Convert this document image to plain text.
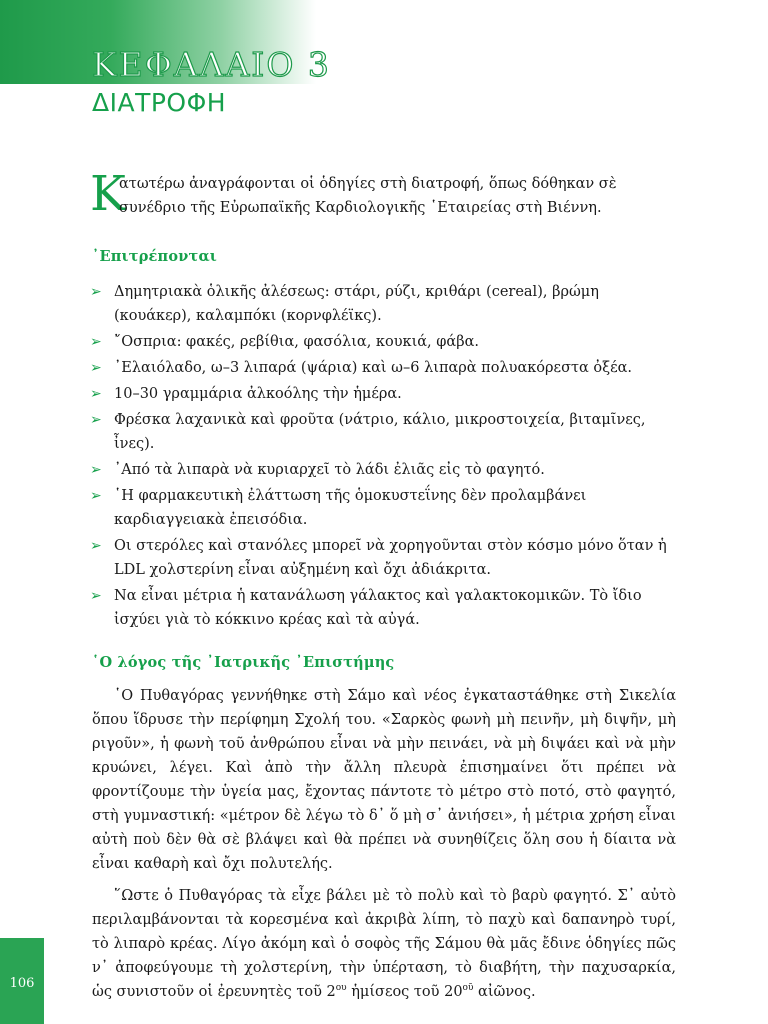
ΚΕΦΑΛΑΙΟ 3
ΔΙΑΤΡΟΦΗ
Κ
ατωτέρω ἀναγράφονται οἱ ὁδηγίες στὴ διατροφή, ὅπως δόθηκαν σὲ συνέδριο τῆς Εὐρωπαϊκῆς Καρδιολογικῆς ῾Εταιρείας στὴ Βιέννη.
᾿Επιτρέπονται
➢ Δημητριακὰ ὁλικῆς ἀλέσεως: στάρι, ρύζι, κριθάρι (cereal), βρώμη (κουάκερ), καλαμπόκι (κορνφλέϊκς).
➢ ῎Οσπρια: φακές, ρεβίθια, φασόλια, κουκιά, φάβα.
➢ ᾿Ελαιόλαδο, ω–3 λιπαρά (ψάρια) καὶ ω–6 λιπαρὰ πολυακόρεστα ὀξέα.
➢ 10–30 γραμμάρια ἀλκοόλης τὴν ἡμέρα.
➢ Φρέσκα λαχανικὰ καὶ φροῦτα (νάτριο, κάλιο, μικροστοιχεία, βιταμῖνες, ἶνες).
➢ ᾿Από τὰ λιπαρὰ νὰ κυριαρχεῖ τὸ λάδι ἐλιᾶς εἰς τὸ φαγητό.
➢ ῾Η φαρμακευτικὴ ἐλάττωση τῆς ὁμοκυστεΐνης δὲν προλαμβάνει καρδιαγγειακὰ ἐπεισόδια.
➢ Οι στερόλες καὶ στανόλες μπορεῖ νὰ χορηγοῦνται στὸν κόσμο μόνο ὅταν ἡ LDL χολστερίνη εἶναι αὐξημένη καὶ ὄχι ἀδιάκριτα.
➢ Να εἶναι μέτρια ἡ κατανάλωση γάλακτος καὶ γαλακτοκομικῶν. Τὸ ἴδιο ἰσχύει γιὰ τὸ κόκκινο κρέας καὶ τὰ αὐγά.
῾Ο λόγος τῆς ᾿Ιατρικῆς ᾿Επιστήμης

῾Ο Πυθαγόρας γεννήθηκε στὴ Σάμο καὶ νέος ἐγκαταστάθηκε στὴ Σικελία ὅπου ἵδρυσε τὴν περίφημη Σχολή του. «Σαρκὸς φωνὴ μὴ πεινῆν, μὴ διψῆν, μὴ ριγοῦν», ἡ φωνὴ τοῦ ἀνθρώπου εἶναι νὰ μὴν πεινάει, νὰ μὴ διψάει καὶ νὰ μὴν κρυώνει, λέγει. Καὶ ἀπὸ τὴν ἄλλη πλευρὰ ἐπισημαίνει ὅτι πρέπει νὰ φροντίζουμε τὴν ὑγεία μας, ἔχοντας πάντοτε τὸ μέτρο στὸ ποτό, στὸ φαγητό, στὴ γυμναστική: «μέτρον δὲ λέγω τὸ δ᾿ ὅ μὴ σ᾿ ἀνιήσει», ἡ μέτρια χρήση εἶναι αὐτὴ ποὺ δὲν θὰ σὲ βλάψει καὶ θὰ πρέπει νὰ συνηθίζεις ὅλη σου ἡ δίαιτα νὰ εἶναι καθαρὴ καὶ ὄχι πολυτελής.

῞Ωστε ὁ Πυθαγόρας τὰ εἶχε βάλει μὲ τὸ πολὺ καὶ τὸ βαρὺ φαγητό. Σ᾿ αὐτὸ περιλαμβάνονται τὰ κορεσμένα καὶ ἀκριβὰ λίπη, τὸ παχὺ καὶ δαπανηρὸ τυρί, τὸ λιπαρὸ κρέας. Λίγο ἀκόμη καὶ ὁ σοφὸς τῆς Σάμου θὰ μᾶς ἔδινε ὁδηγίες πῶς ν᾿ ἀποφεύγουμε τὴ χολστερίνη, τὴν ὑπέρταση, τὸ διαβήτη, τὴν παχυσαρκία, ὡς συνιστοῦν οἱ ἐρευνητὲς τοῦ $2^{o\upsilon}$ ἡμίσεος τοῦ $20^{oῦ}$ αἰῶνος.

106
